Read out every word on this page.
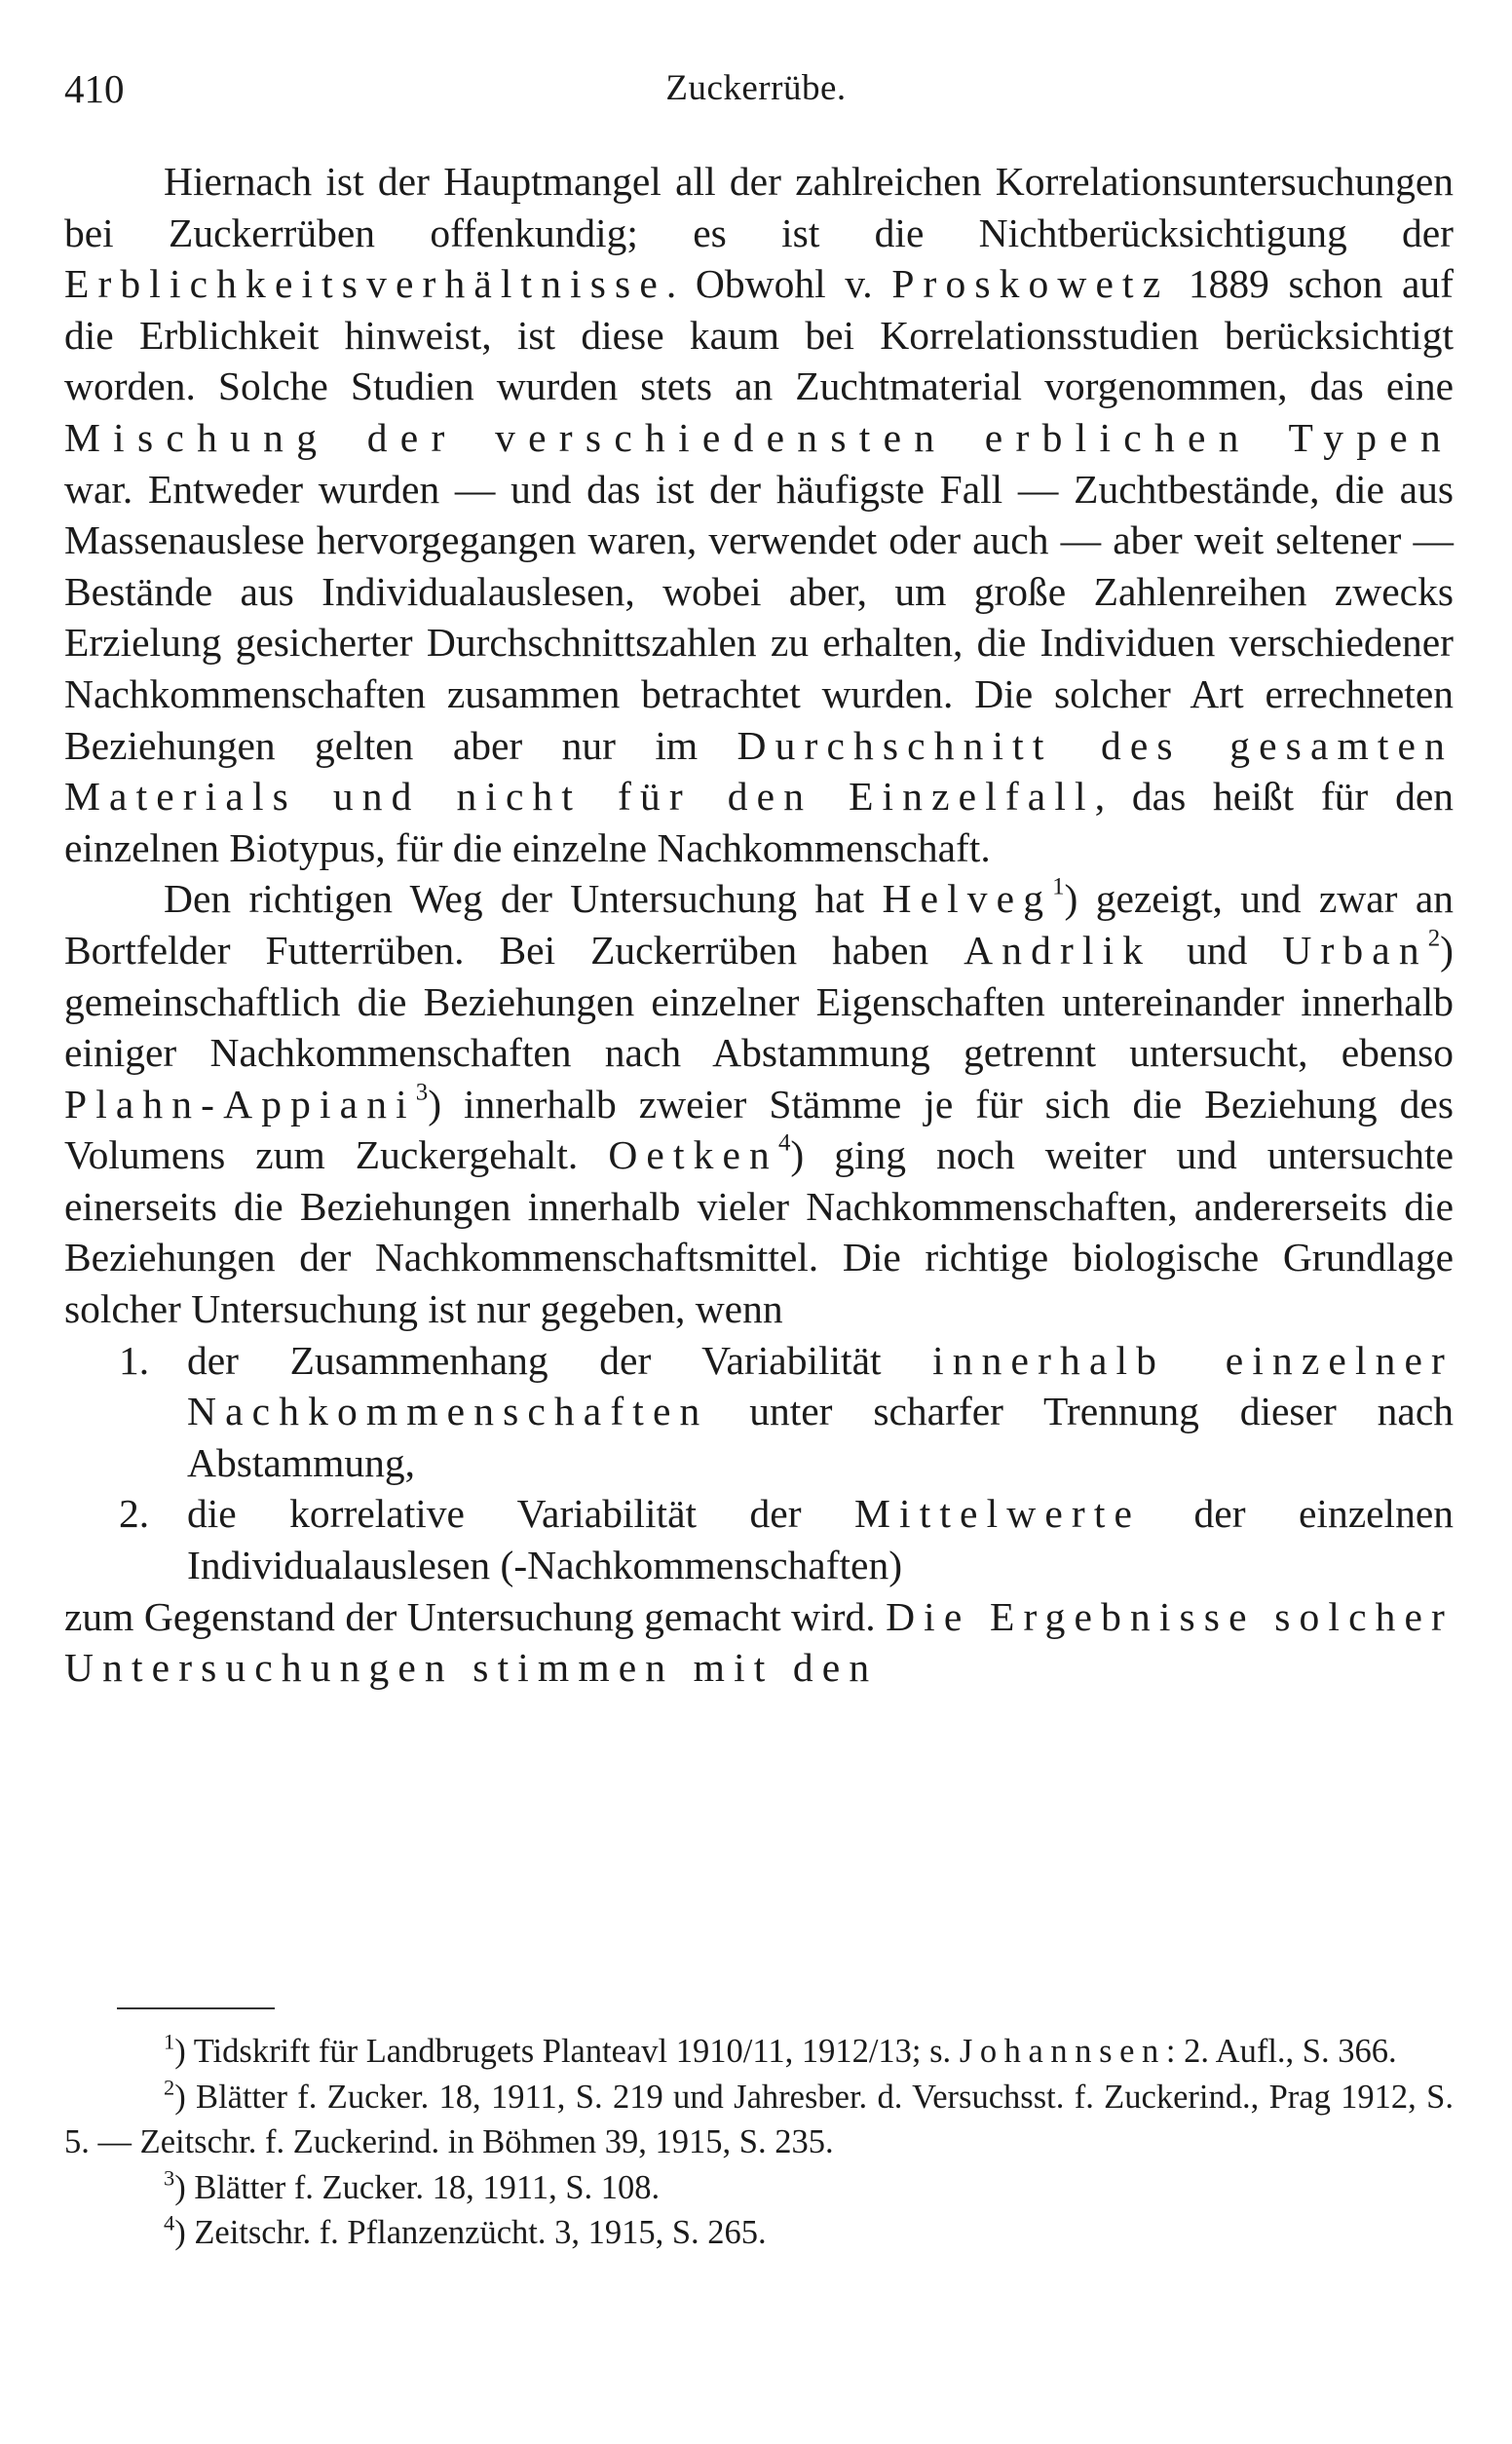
410	Zuckerrübe.

Hiernach ist der Hauptmangel all der zahlreichen Korrelationsuntersuchungen bei Zuckerrüben offenkundig; es ist die Nichtberücksichtigung der Erblichkeitsverhältnisse. Obwohl v. Proskowetz 1889 schon auf die Erblichkeit hinweist, ist diese kaum bei Korrelationsstudien berücksichtigt worden. Solche Studien wurden stets an Zuchtmaterial vorgenommen, das eine Mischung der verschiedensten erblichen Typen war. Entweder wurden — und das ist der häufigste Fall — Zuchtbestände, die aus Massenauslese hervorgegangen waren, verwendet oder auch — aber weit seltener — Bestände aus Individualauslesen, wobei aber, um große Zahlenreihen zwecks Erzielung gesicherter Durchschnittszahlen zu erhalten, die Individuen verschiedener Nachkommenschaften zusammen betrachtet wurden. Die solcher Art errechneten Beziehungen gelten aber nur im Durchschnitt des gesamten Materials und nicht für den Einzelfall, das heißt für den einzelnen Biotypus, für die einzelne Nachkommenschaft.

Den richtigen Weg der Untersuchung hat Helveg$^1$) gezeigt, und zwar an Bortfelder Futterrüben. Bei Zuckerrüben haben Andrlik und Urban$^2$) gemeinschaftlich die Beziehungen einzelner Eigenschaften untereinander innerhalb einiger Nachkommenschaften nach Abstammung getrennt untersucht, ebenso Plahn-Appiani$^3$) innerhalb zweier Stämme je für sich die Beziehung des Volumens zum Zuckergehalt. Oetken$^4$) ging noch weiter und untersuchte einerseits die Beziehungen innerhalb vieler Nachkommenschaften, andererseits die Beziehungen der Nachkommenschaftsmittel. Die richtige biologische Grundlage solcher Untersuchung ist nur gegeben, wenn

1. der Zusammenhang der Variabilität innerhalb einzelner Nachkommenschaften unter scharfer Trennung dieser nach Abstammung,

2. die korrelative Variabilität der Mittelwerte der einzelnen Individualauslesen (-Nachkommenschaften)

zum Gegenstand der Untersuchung gemacht wird. Die Ergebnisse solcher Untersuchungen stimmen mit den

$^1$) Tidskrift für Landbrugets Planteavl 1910/11, 1912/13; s. Johannsen: 2. Aufl., S. 366.

$^2$) Blätter f. Zucker. 18, 1911, S. 219 und Jahresber. d. Versuchsst. f. Zuckerind., Prag 1912, S. 5. — Zeitschr. f. Zuckerind. in Böhmen 39, 1915, S. 235.

$^3$) Blätter f. Zucker. 18, 1911, S. 108.

$^4$) Zeitschr. f. Pflanzenzücht. 3, 1915, S. 265.
